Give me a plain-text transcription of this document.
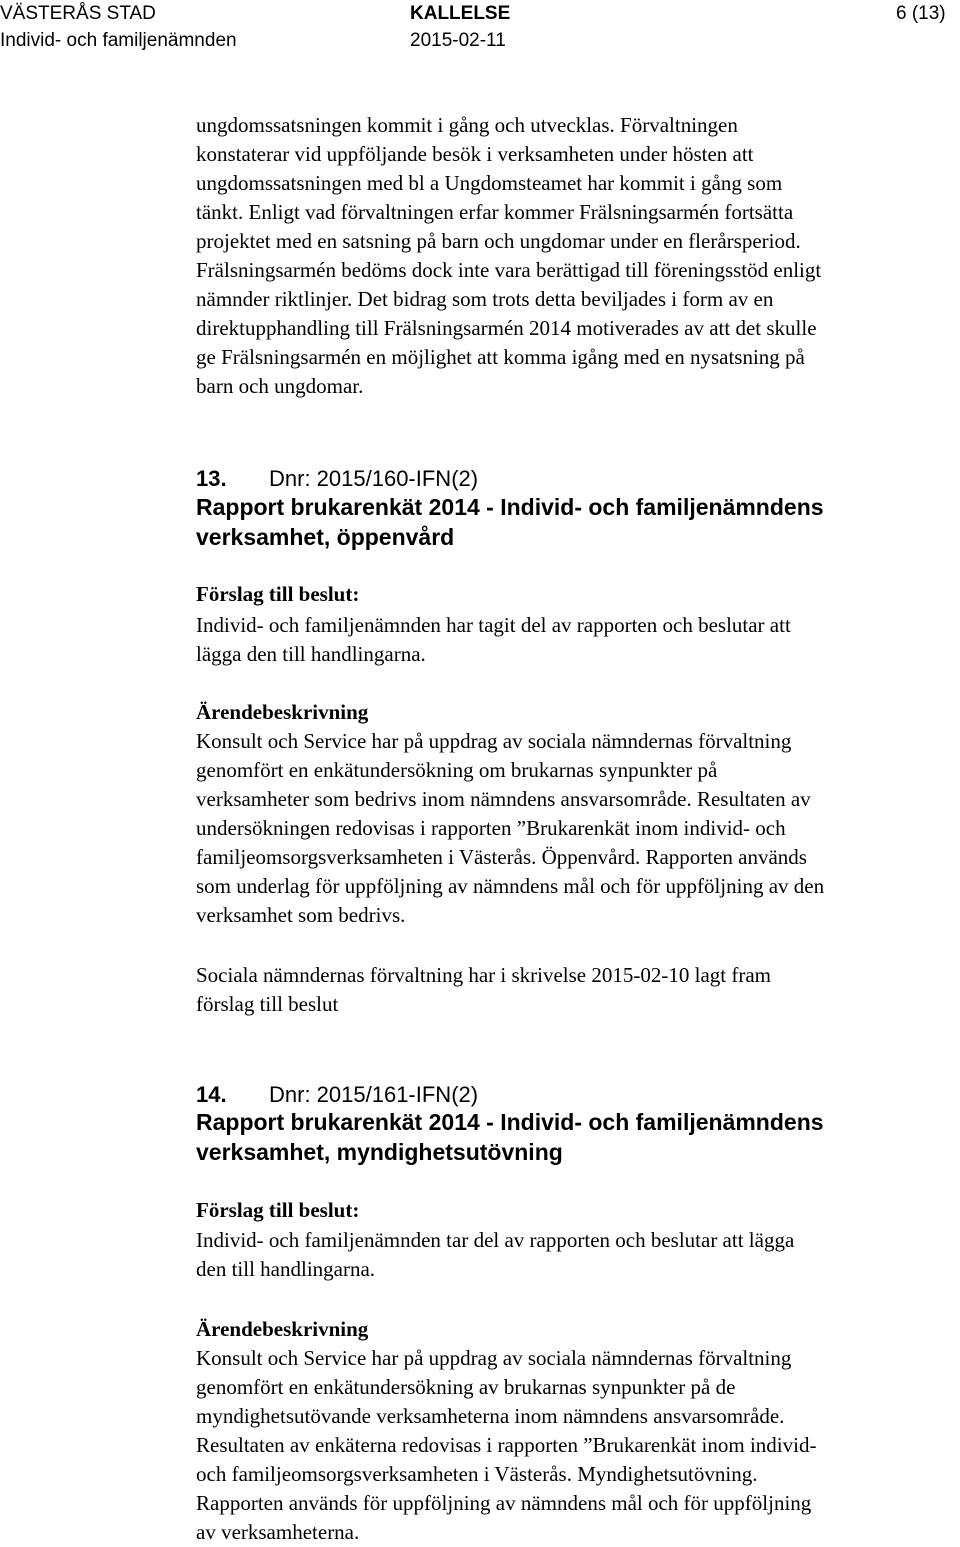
VÄSTERÅS STAD
Individ- och familjenämnden
KALLELSE
2015-02-11
6 (13)
ungdomssatsningen kommit i gång och utvecklas. Förvaltningen
konstaterar vid uppföljande besök i verksamheten under hösten att
ungdomssatsningen med bl a Ungdomsteamet har kommit i gång som
tänkt. Enligt vad förvaltningen erfar kommer Frälsningsarmén fortsätta
projektet med en satsning på barn och ungdomar under en flerårsperiod.
Frälsningsarmén bedöms dock inte vara berättigad till föreningsstöd enligt
nämnder riktlinjer. Det bidrag som trots detta beviljades i form av en
direktupphandling till Frälsningsarmén 2014 motiverades av att det skulle
ge Frälsningsarmén en möjlighet att komma igång med en nysatsning på
barn och ungdomar.
13. Dnr: 2015/160-IFN(2)
Rapport brukarenkät 2014 - Individ- och familjenämndens
verksamhet, öppenvård
Förslag till beslut:
Individ- och familjenämnden har tagit del av rapporten och beslutar att
lägga den till handlingarna.
Ärendebeskrivning
Konsult och Service har på uppdrag av sociala nämndernas förvaltning
genomfört en enkätundersökning om brukarnas synpunkter på
verksamheter som bedrivs inom nämndens ansvarsområde. Resultaten av
undersökningen redovisas i rapporten ”Brukarenkät inom individ- och
familjeomsorgsverksamheten i Västerås. Öppenvård. Rapporten används
som underlag för uppföljning av nämndens mål och för uppföljning av den
verksamhet som bedrivs.
Sociala nämndernas förvaltning har i skrivelse 2015-02-10 lagt fram
förslag till beslut
14. Dnr: 2015/161-IFN(2)
Rapport brukarenkät 2014 - Individ- och familjenämndens
verksamhet, myndighetsutövning
Förslag till beslut:
Individ- och familjenämnden tar del av rapporten och beslutar att lägga
den till handlingarna.
Ärendebeskrivning
Konsult och Service har på uppdrag av sociala nämndernas förvaltning
genomfört en enkätundersökning av brukarnas synpunkter på de
myndighetsutövande verksamheterna inom nämndens ansvarsområde.
Resultaten av enkäterna redovisas i rapporten ”Brukarenkät inom individ-
och familjeomsorgsverksamheten i Västerås. Myndighetsutövning.
Rapporten används för uppföljning av nämndens mål och för uppföljning
av verksamheterna.
